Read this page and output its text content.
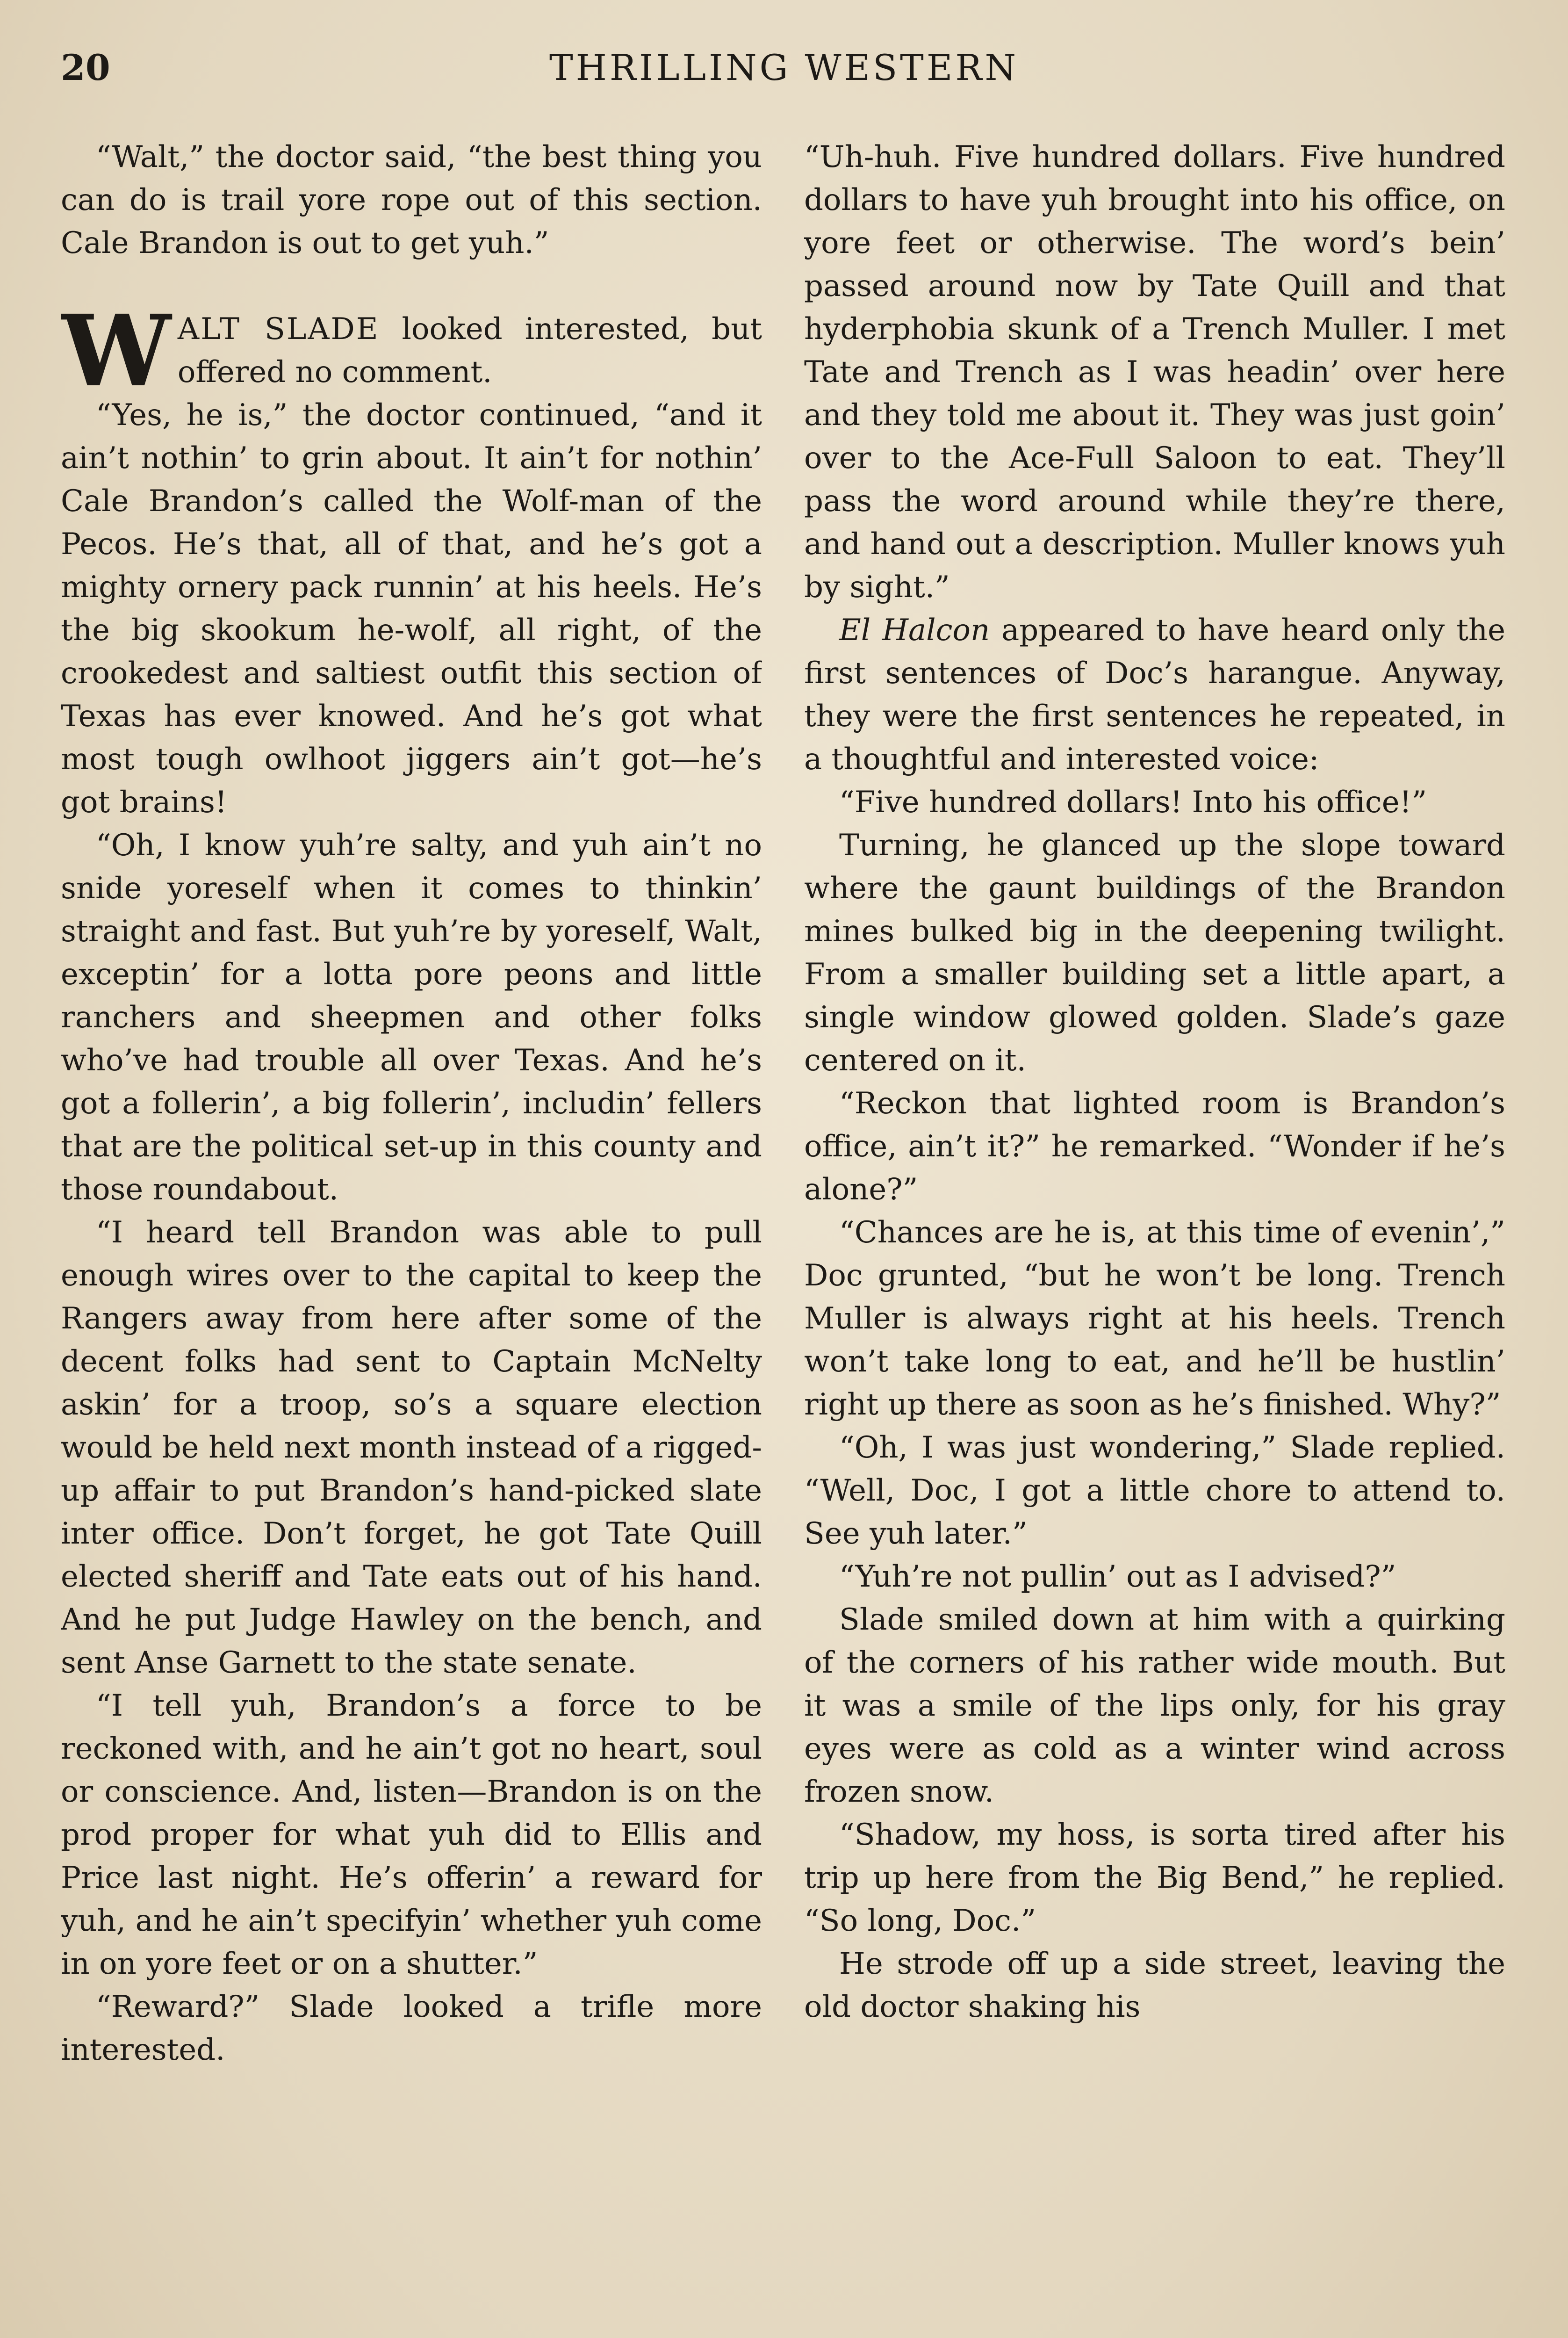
20	THRILLING WESTERN

“Walt,” the doctor said, “the best thing you can do is trail yore rope out of this section. Cale Brandon is out to get yuh.”

WALT SLADE looked interested, but offered no comment.

“Yes, he is,” the doctor continued, “and it ain’t nothin’ to grin about. It ain’t for nothin’ Cale Brandon’s called the Wolf-man of the Pecos. He’s that, all of that, and he’s got a mighty ornery pack runnin’ at his heels. He’s the big skookum he-wolf, all right, of the crookedest and saltiest outfit this section of Texas has ever knowed. And he’s got what most tough owlhoot jiggers ain’t got—he’s got brains!

“Oh, I know yuh’re salty, and yuh ain’t no snide yoreself when it comes to thinkin’ straight and fast. But yuh’re by yoreself, Walt, exceptin’ for a lotta pore peons and little ranchers and sheepmen and other folks who’ve had trouble all over Texas. And he’s got a follerin’, a big follerin’, includin’ fellers that are the political set-up in this county and those roundabout.

“I heard tell Brandon was able to pull enough wires over to the capital to keep the Rangers away from here after some of the decent folks had sent to Captain McNelty askin’ for a troop, so’s a square election would be held next month instead of a rigged-up affair to put Brandon’s hand-picked slate inter office. Don’t forget, he got Tate Quill elected sheriff and Tate eats out of his hand. And he put Judge Hawley on the bench, and sent Anse Garnett to the state senate.

“I tell yuh, Brandon’s a force to be reckoned with, and he ain’t got no heart, soul or conscience. And, listen—Brandon is on the prod proper for what yuh did to Ellis and Price last night. He’s offerin’ a reward for yuh, and he ain’t specifyin’ whether yuh come in on yore feet or on a shutter.”

“Reward?” Slade looked a trifle more interested.

“Uh-huh. Five hundred dollars. Five hundred dollars to have yuh brought into his office, on yore feet or otherwise. The word’s bein’ passed around now by Tate Quill and that hyderphobia skunk of a Trench Muller. I met Tate and Trench as I was headin’ over here and they told me about it. They was just goin’ over to the Ace-Full Saloon to eat. They’ll pass the word around while they’re there, and hand out a description. Muller knows yuh by sight.”

El Halcon appeared to have heard only the first sentences of Doc’s harangue. Anyway, they were the first sentences he repeated, in a thoughtful and interested voice:

“Five hundred dollars! Into his office!”

Turning, he glanced up the slope toward where the gaunt buildings of the Brandon mines bulked big in the deepening twilight. From a smaller building set a little apart, a single window glowed golden. Slade’s gaze centered on it.

“Reckon that lighted room is Brandon’s office, ain’t it?” he remarked. “Wonder if he’s alone?”

“Chances are he is, at this time of evenin’,” Doc grunted, “but he won’t be long. Trench Muller is always right at his heels. Trench won’t take long to eat, and he’ll be hustlin’ right up there as soon as he’s finished. Why?”

“Oh, I was just wondering,” Slade replied. “Well, Doc, I got a little chore to attend to. See yuh later.”

“Yuh’re not pullin’ out as I advised?”

Slade smiled down at him with a quirking of the corners of his rather wide mouth. But it was a smile of the lips only, for his gray eyes were as cold as a winter wind across frozen snow.

“Shadow, my hoss, is sorta tired after his trip up here from the Big Bend,” he replied. “So long, Doc.”

He strode off up a side street, leaving the old doctor shaking his
